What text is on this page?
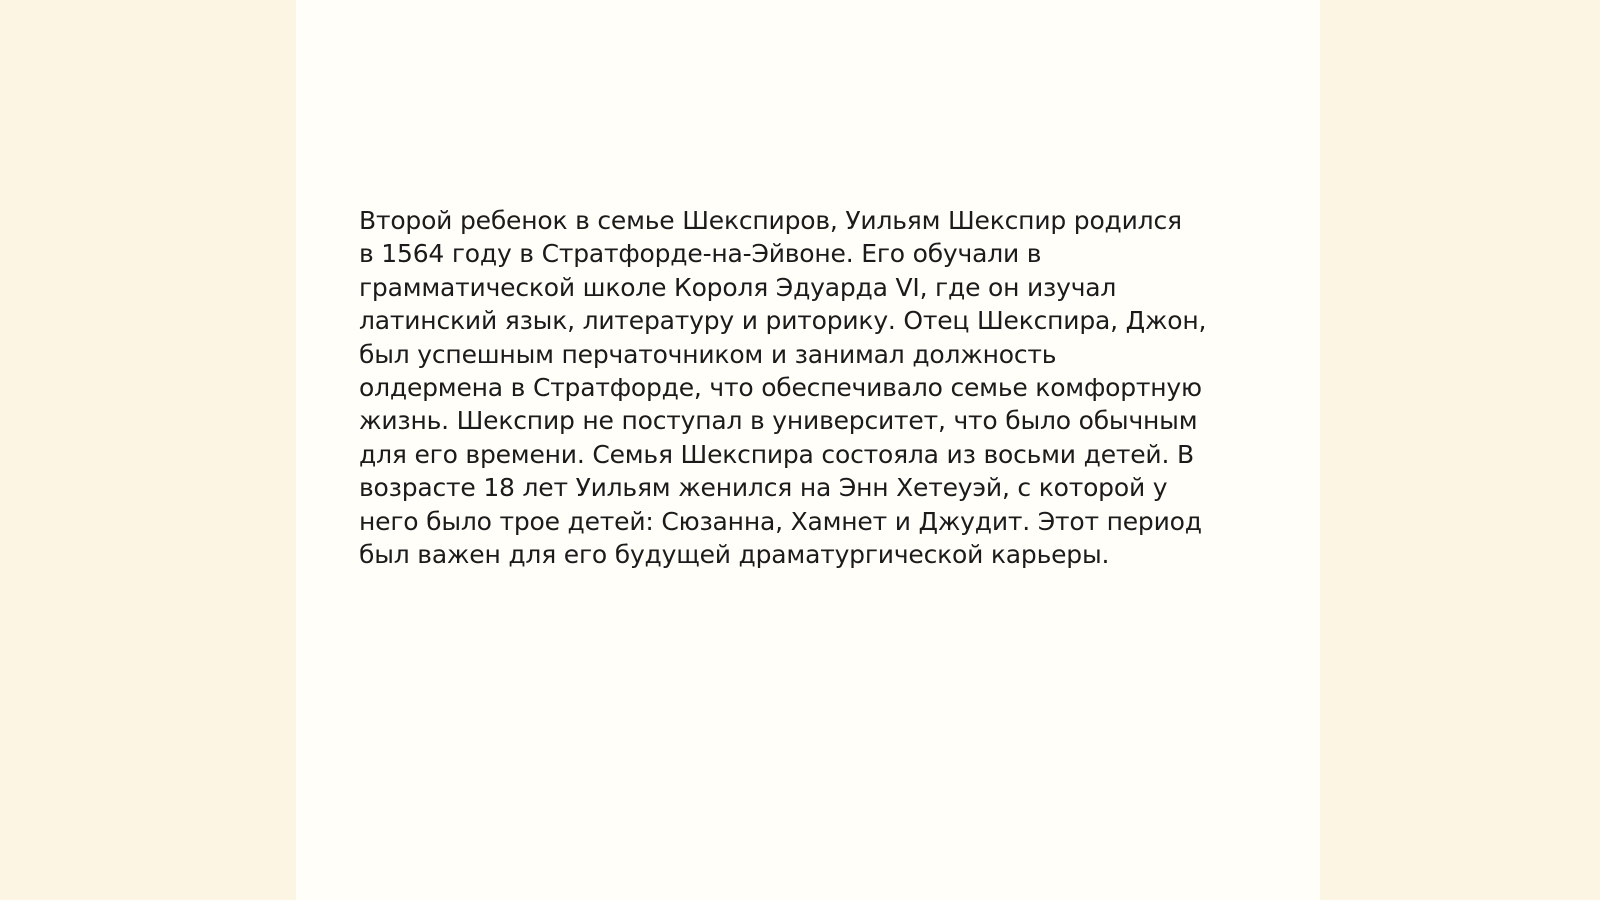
Второй ребенок в семье Шекспиров, Уильям Шекспир родился
в 1564 году в Стратфорде-на-Эйвоне. Его обучали в
грамматической школе Короля Эдуарда VI, где он изучал
латинский язык, литературу и риторику. Отец Шекспира, Джон,
был успешным перчаточником и занимал должность
олдермена в Стратфорде, что обеспечивало семье комфортную
жизнь. Шекспир не поступал в университет, что было обычным
для его времени. Семья Шекспира состояла из восьми детей. В
возрасте 18 лет Уильям женился на Энн Хетеуэй, с которой у
него было трое детей: Сюзанна, Хамнет и Джудит. Этот период
был важен для его будущей драматургической карьеры.
